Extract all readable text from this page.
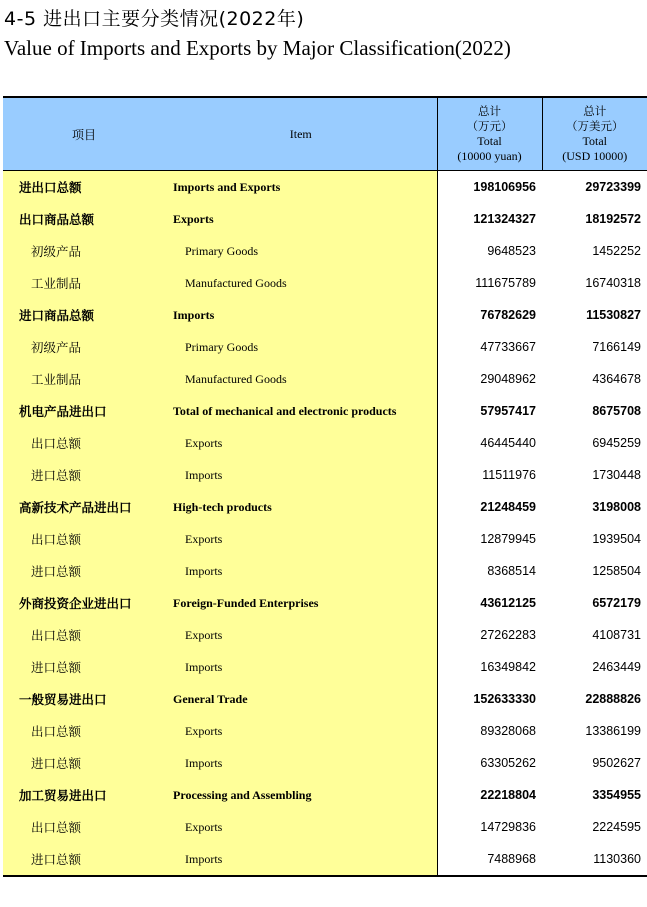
4-5 进出口主要分类情况(2022年)
Value of Imports and Exports by Major Classification(2022)
项目	Item	总计
（万元）
Total
(10000 yuan)	总计
（万美元）
Total
(USD 10000)

进出口总额	Imports and Exports	198106956	29723399
出口商品总额	Exports	121324327	18192572
初级产品	Primary Goods	9648523	1452252
工业制品	Manufactured Goods	111675789	16740318
进口商品总额	Imports	76782629	11530827
初级产品	Primary Goods	47733667	7166149
工业制品	Manufactured Goods	29048962	4364678
机电产品进出口	Total of mechanical and electronic products	57957417	8675708
出口总额	Exports	46445440	6945259
进口总额	Imports	11511976	1730448
高新技术产品进出口	High-tech products	21248459	3198008
出口总额	Exports	12879945	1939504
进口总额	Imports	8368514	1258504
外商投资企业进出口	Foreign-Funded Enterprises	43612125	6572179
出口总额	Exports	27262283	4108731
进口总额	Imports	16349842	2463449
一般贸易进出口	General Trade	152633330	22888826
出口总额	Exports	89328068	13386199
进口总额	Imports	63305262	9502627
加工贸易进出口	Processing and Assembling	22218804	3354955
出口总额	Exports	14729836	2224595
进口总额	Imports	7488968	1130360
